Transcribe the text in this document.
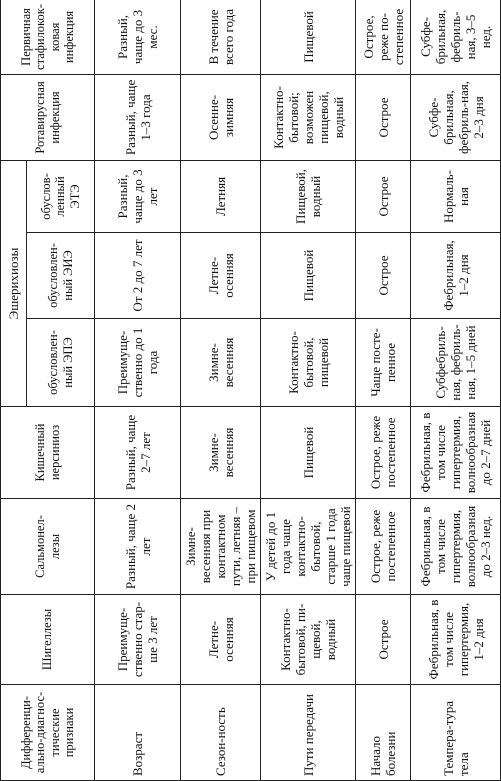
Дифференци-ально-диагнос-тические признаки	Шигеллезы	Сальмонел-лезы	Кишечный иерсиниоз	Эшерихиозы			Ротавирусная инфекция	Первичная стафилокок-ковая инфекция
				обусловлен-ный ЭПЭ	обусловлен-ный ЭИЭ	обуслов-ленный ЭТЭ		
Возраст	Преимуще-ственно стар-ше 3 лет	Разный, чаще 2 лет	Разный, чаще 2–7 лет	Преимуще-ственно до 1 года	От 2 до 7 лет	Разный, чаще до 3 лет	Разный, чаще 1–3 года	Разный, чаще до 3 мес.
Сезон-ность	Летне-осенняя	Зимне-весенняя при контактном пути, летняя – при пищевом	Зимне-весенняя	Зимне-весенняя	Летне-осенняя	Летняя	Осенне-зимняя	В течение всего года
Пути передачи	Контактно-бытовой, пи-щевой, водный	У детей до 1 года чаще контактно-бытовой, старше 1 года чаще пищевой	Пищевой	Контактно-бытовой, пищевой	Пищевой	Пищевой, водный	Контактно-бытовой; возможен пищевой, водный	Пищевой
Начало болезни	Острое	Острое, реже постепенное	Острое, реже постепенное	Чаще посте-пенное	Острое	Острое	Острое	Острое, реже по-степенное
Темпера-тура тела	Фебрильная, в том числе гипертермия, 1–2 дня	Фебрильная, в том числе гипертермия, волнообразная до 2–3 нед.	Фебрильная, в том числе гипертермия, волнообразная до 2–7 дней	Субфебриль-ная, фебриль-ная, 1–5 дней	Фебрильная, 1–2 дня	Нормаль-ная	Субфе-брильная, фебриль-ная, 2–3 дня	Субфе-брильная, фебриль-ная, 3–5 нед.
